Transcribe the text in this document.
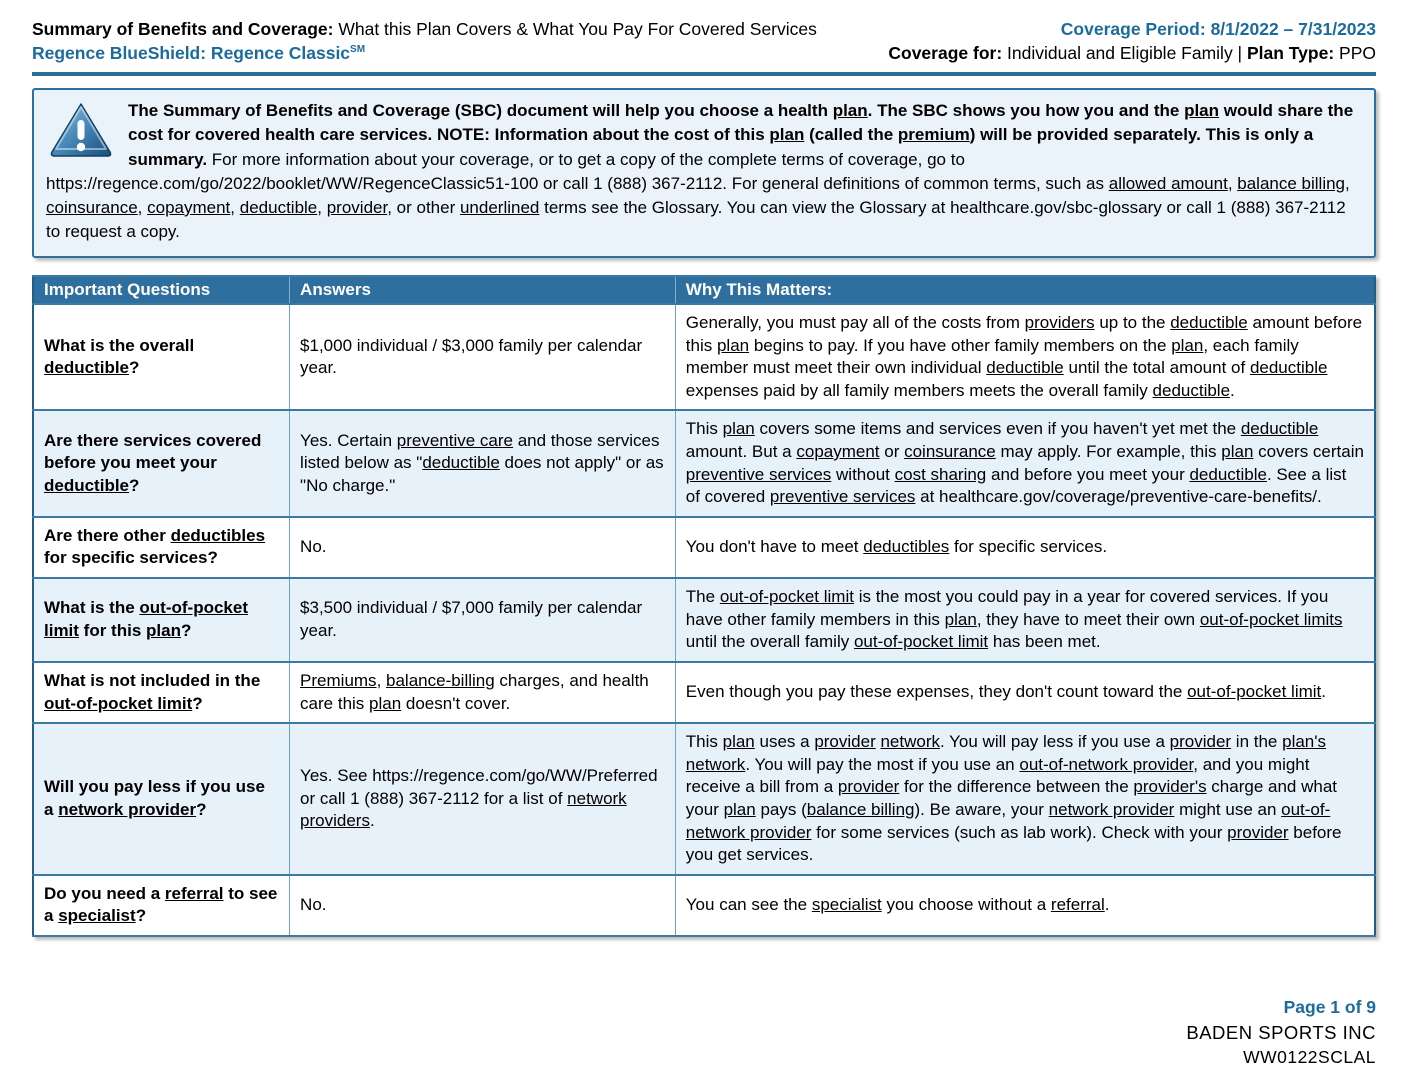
Summary of Benefits and Coverage: What this Plan Covers & What You Pay For Covered Services
Regence BlueShield: Regence Classic℠
Coverage Period: 8/1/2022 – 7/31/2023
Coverage for: Individual and Eligible Family | Plan Type: PPO
The Summary of Benefits and Coverage (SBC) document will help you choose a health plan. The SBC shows you how you and the plan would share the cost for covered health care services. NOTE: Information about the cost of this plan (called the premium) will be provided separately. This is only a summary. For more information about your coverage, or to get a copy of the complete terms of coverage, go to https://regence.com/go/2022/booklet/WW/RegenceClassic51-100 or call 1 (888) 367-2112. For general definitions of common terms, such as allowed amount, balance billing, coinsurance, copayment, deductible, provider, or other underlined terms see the Glossary. You can view the Glossary at healthcare.gov/sbc-glossary or call 1 (888) 367-2112 to request a copy.
Important Questions	Answers	Why This Matters:
What is the overall deductible?	$1,000 individual / $3,000 family per calendar year.	Generally, you must pay all of the costs from providers up to the deductible amount before this plan begins to pay. If you have other family members on the plan, each family member must meet their own individual deductible until the total amount of deductible expenses paid by all family members meets the overall family deductible.
Are there services covered before you meet your deductible?	Yes. Certain preventive care and those services listed below as "deductible does not apply" or as "No charge."	This plan covers some items and services even if you haven't yet met the deductible amount. But a copayment or coinsurance may apply. For example, this plan covers certain preventive services without cost sharing and before you meet your deductible. See a list of covered preventive services at healthcare.gov/coverage/preventive-care-benefits/.
Are there other deductibles for specific services?	No.	You don't have to meet deductibles for specific services.
What is the out-of-pocket limit for this plan?	$3,500 individual / $7,000 family per calendar year.	The out-of-pocket limit is the most you could pay in a year for covered services. If you have other family members in this plan, they have to meet their own out-of-pocket limits until the overall family out-of-pocket limit has been met.
What is not included in the out-of-pocket limit?	Premiums, balance-billing charges, and health care this plan doesn't cover.	Even though you pay these expenses, they don't count toward the out-of-pocket limit.
Will you pay less if you use a network provider?	Yes. See https://regence.com/go/WW/Preferred or call 1 (888) 367-2112 for a list of network providers.	This plan uses a provider network. You will pay less if you use a provider in the plan's network. You will pay the most if you use an out-of-network provider, and you might receive a bill from a provider for the difference between the provider's charge and what your plan pays (balance billing). Be aware, your network provider might use an out-of-network provider for some services (such as lab work). Check with your provider before you get services.
Do you need a referral to see a specialist?	No.	You can see the specialist you choose without a referral.
Page 1 of 9
BADEN SPORTS INC
WW0122SCLAL
